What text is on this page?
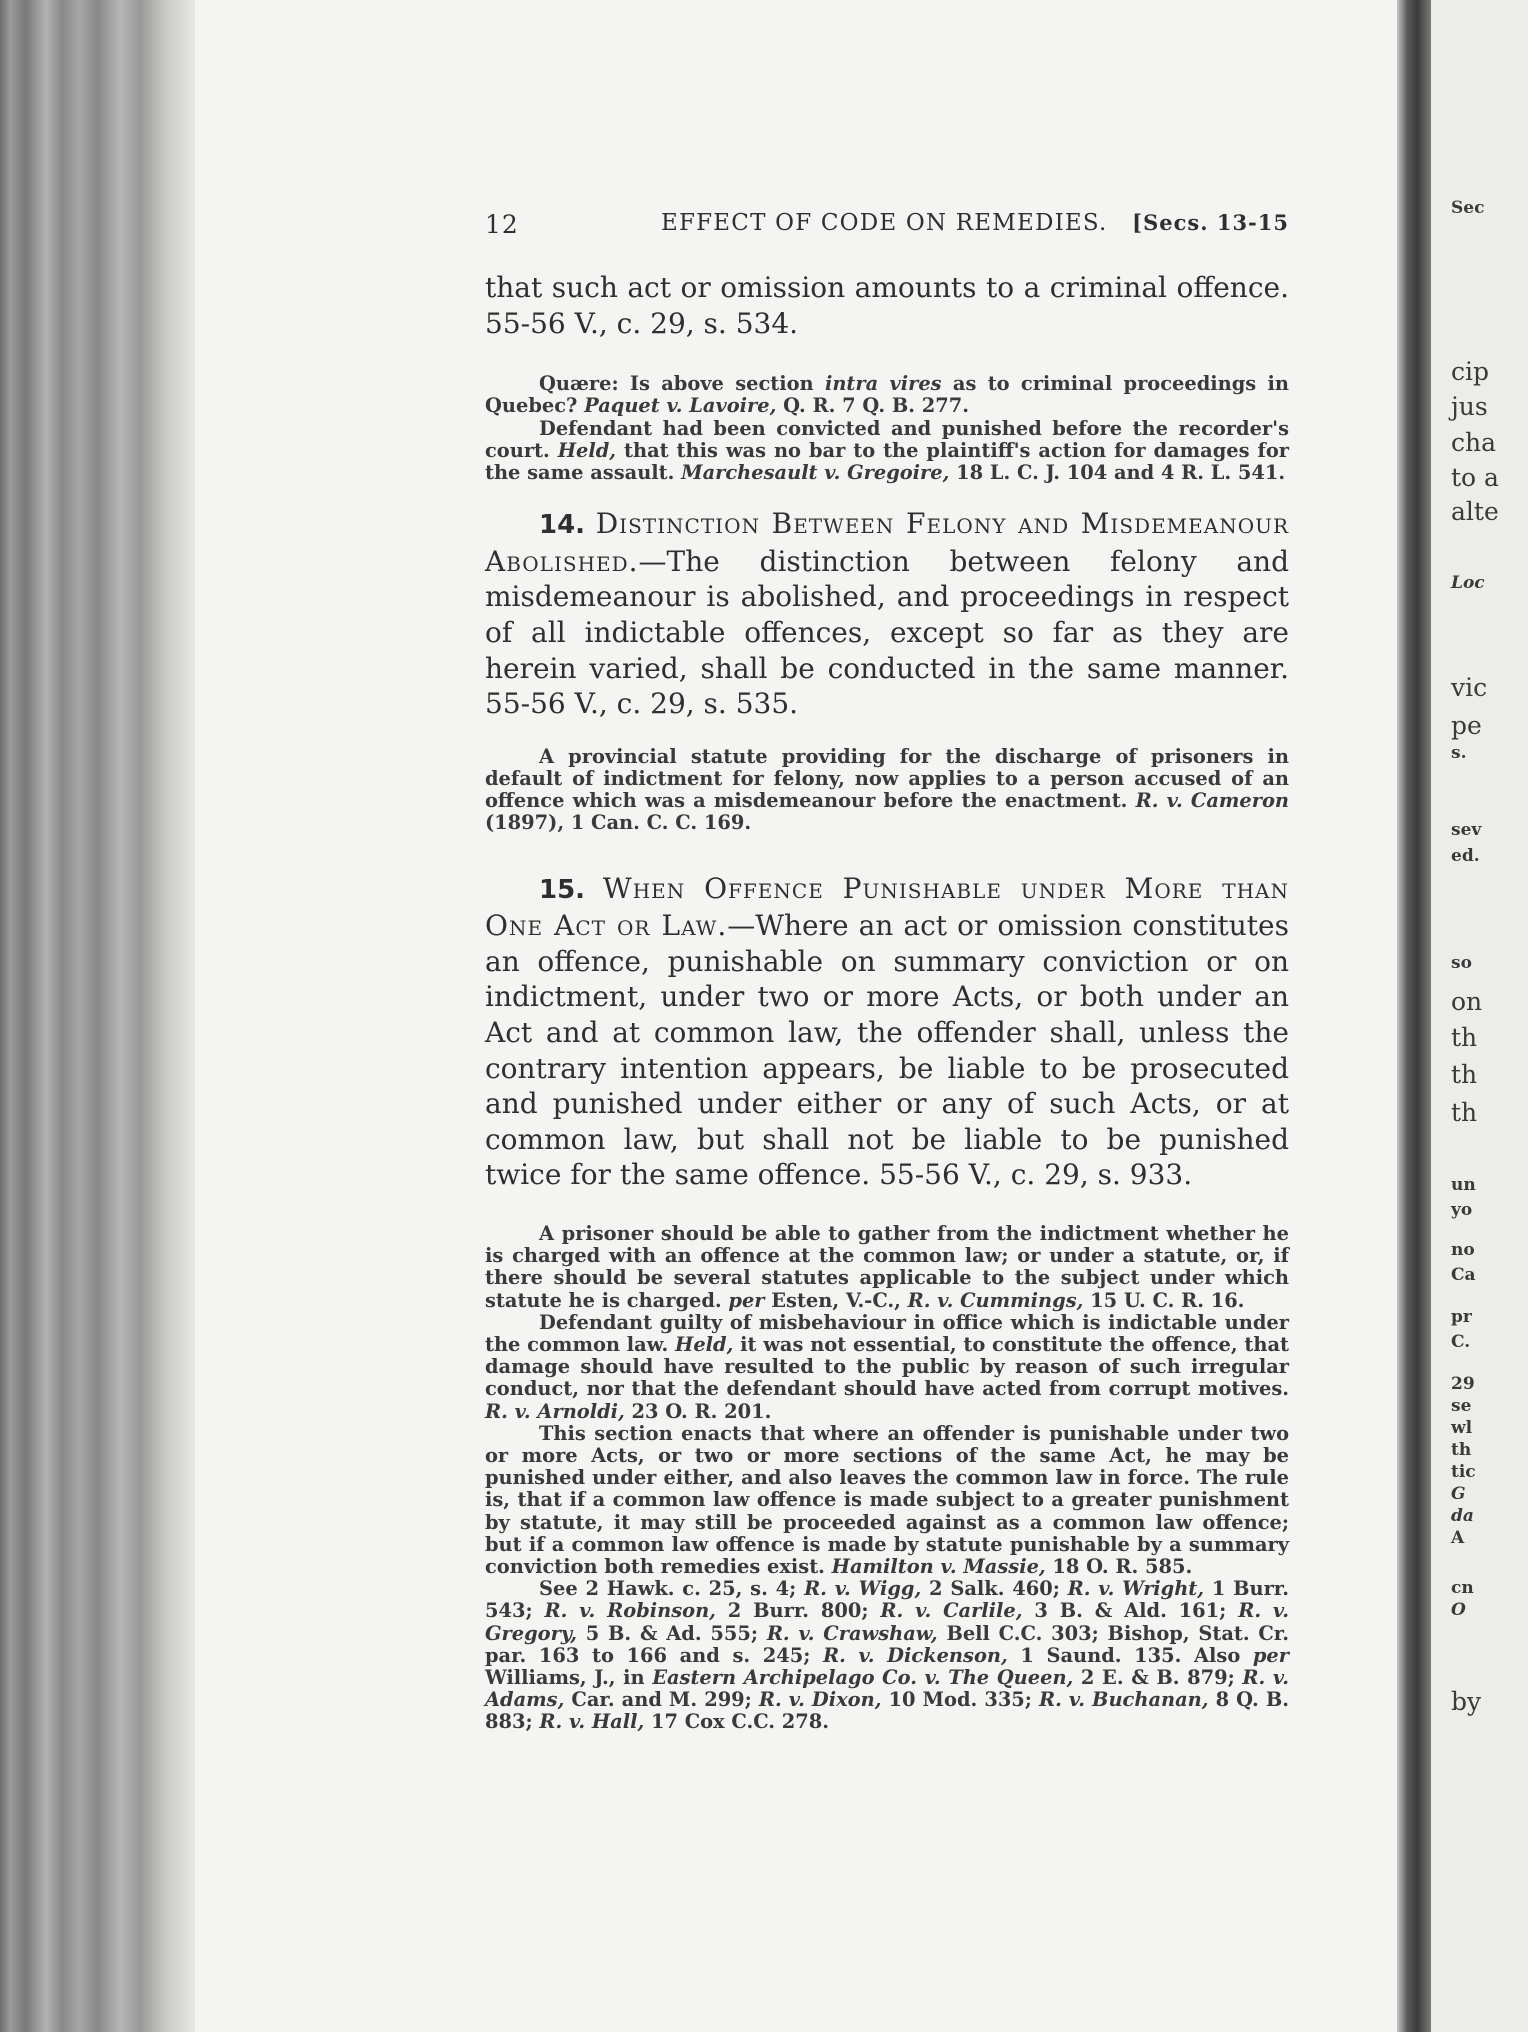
Sec
cip
jus
cha
to a
alte
Loc
vic
pe
s.
sev
ed.
so
on
th
th
th
un
yo
no
Ca
pr
C.
29
se
wl
th
tic
G
da
A
cn
O
by
12	EFFECT OF CODE ON REMEDIES. [Secs. 13-15

that such act or omission amounts to a criminal offence. 55-56 V., c. 29, s. 534.

Quære: Is above section intra vires as to criminal proceedings in Quebec? Paquet v. Lavoire, Q. R. 7 Q. B. 277.

Defendant had been convicted and punished before the recorder's court. Held, that this was no bar to the plaintiff's action for damages for the same assault. Marchesault v. Gregoire, 18 L. C. J. 104 and 4 R. L. 541.

14. Distinction Between Felony and Misdemeanour Abolished.—The distinction between felony and misdemeanour is abolished, and proceedings in respect of all indictable offences, except so far as they are herein varied, shall be conducted in the same manner. 55-56 V., c. 29, s. 535.

A provincial statute providing for the discharge of prisoners in default of indictment for felony, now applies to a person accused of an offence which was a misdemeanour before the enactment. R. v. Cameron (1897), 1 Can. C. C. 169.

15. When Offence Punishable under More than One Act or Law.—Where an act or omission constitutes an offence, punishable on summary conviction or on indictment, under two or more Acts, or both under an Act and at common law, the offender shall, unless the contrary intention appears, be liable to be prosecuted and punished under either or any of such Acts, or at common law, but shall not be liable to be punished twice for the same offence. 55-56 V., c. 29, s. 933.

A prisoner should be able to gather from the indictment whether he is charged with an offence at the common law; or under a statute, or, if there should be several statutes applicable to the subject under which statute he is charged. per Esten, V.-C., R. v. Cummings, 15 U. C. R. 16.

Defendant guilty of misbehaviour in office which is indictable under the common law. Held, it was not essential, to constitute the offence, that damage should have resulted to the public by reason of such irregular conduct, nor that the defendant should have acted from corrupt motives. R. v. Arnoldi, 23 O. R. 201.

This section enacts that where an offender is punishable under two or more Acts, or two or more sections of the same Act, he may be punished under either, and also leaves the common law in force. The rule is, that if a common law offence is made subject to a greater punishment by statute, it may still be proceeded against as a common law offence; but if a common law offence is made by statute punishable by a summary conviction both remedies exist. Hamilton v. Massie, 18 O. R. 585.

See 2 Hawk. c. 25, s. 4; R. v. Wigg, 2 Salk. 460; R. v. Wright, 1 Burr. 543; R. v. Robinson, 2 Burr. 800; R. v. Carlile, 3 B. & Ald. 161; R. v. Gregory, 5 B. & Ad. 555; R. v. Crawshaw, Bell C.C. 303; Bishop, Stat. Cr. par. 163 to 166 and s. 245; R. v. Dickenson, 1 Saund. 135. Also per Williams, J., in Eastern Archipelago Co. v. The Queen, 2 E. & B. 879; R. v. Adams, Car. and M. 299; R. v. Dixon, 10 Mod. 335; R. v. Buchanan, 8 Q. B. 883; R. v. Hall, 17 Cox C.C. 278.
